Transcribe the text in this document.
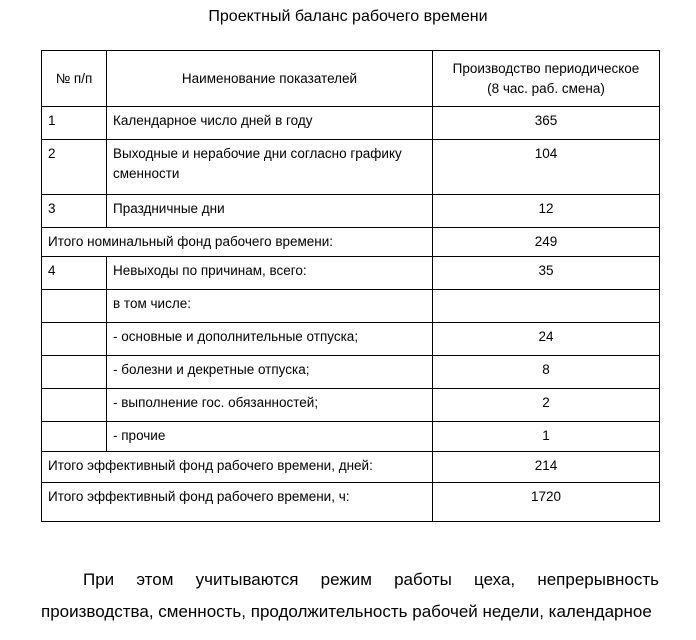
Проектный баланс рабочего времени
№ п/п	Наименование показателей	Производство периодическое
(8 час. раб. смена)

1	Календарное число дней в году	365
2	Выходные и нерабочие дни согласно графику сменности	104
3	Праздничные дни	12
Итого номинальный фонд рабочего времени:		249
4	Невыходы по причинам, всего:	35
	в том числе:	
	- основные и дополнительные отпуска;	24
	- болезни и декретные отпуска;	8
	- выполнение гос. обязанностей;	2
	- прочие	1
Итого эффективный фонд рабочего времени, дней:		214
Итого эффективный фонд рабочего времени, ч:		1720
При этом учитываются режим работы цеха, непрерывность
производства, сменность, продолжительность рабочей недели, календарное
